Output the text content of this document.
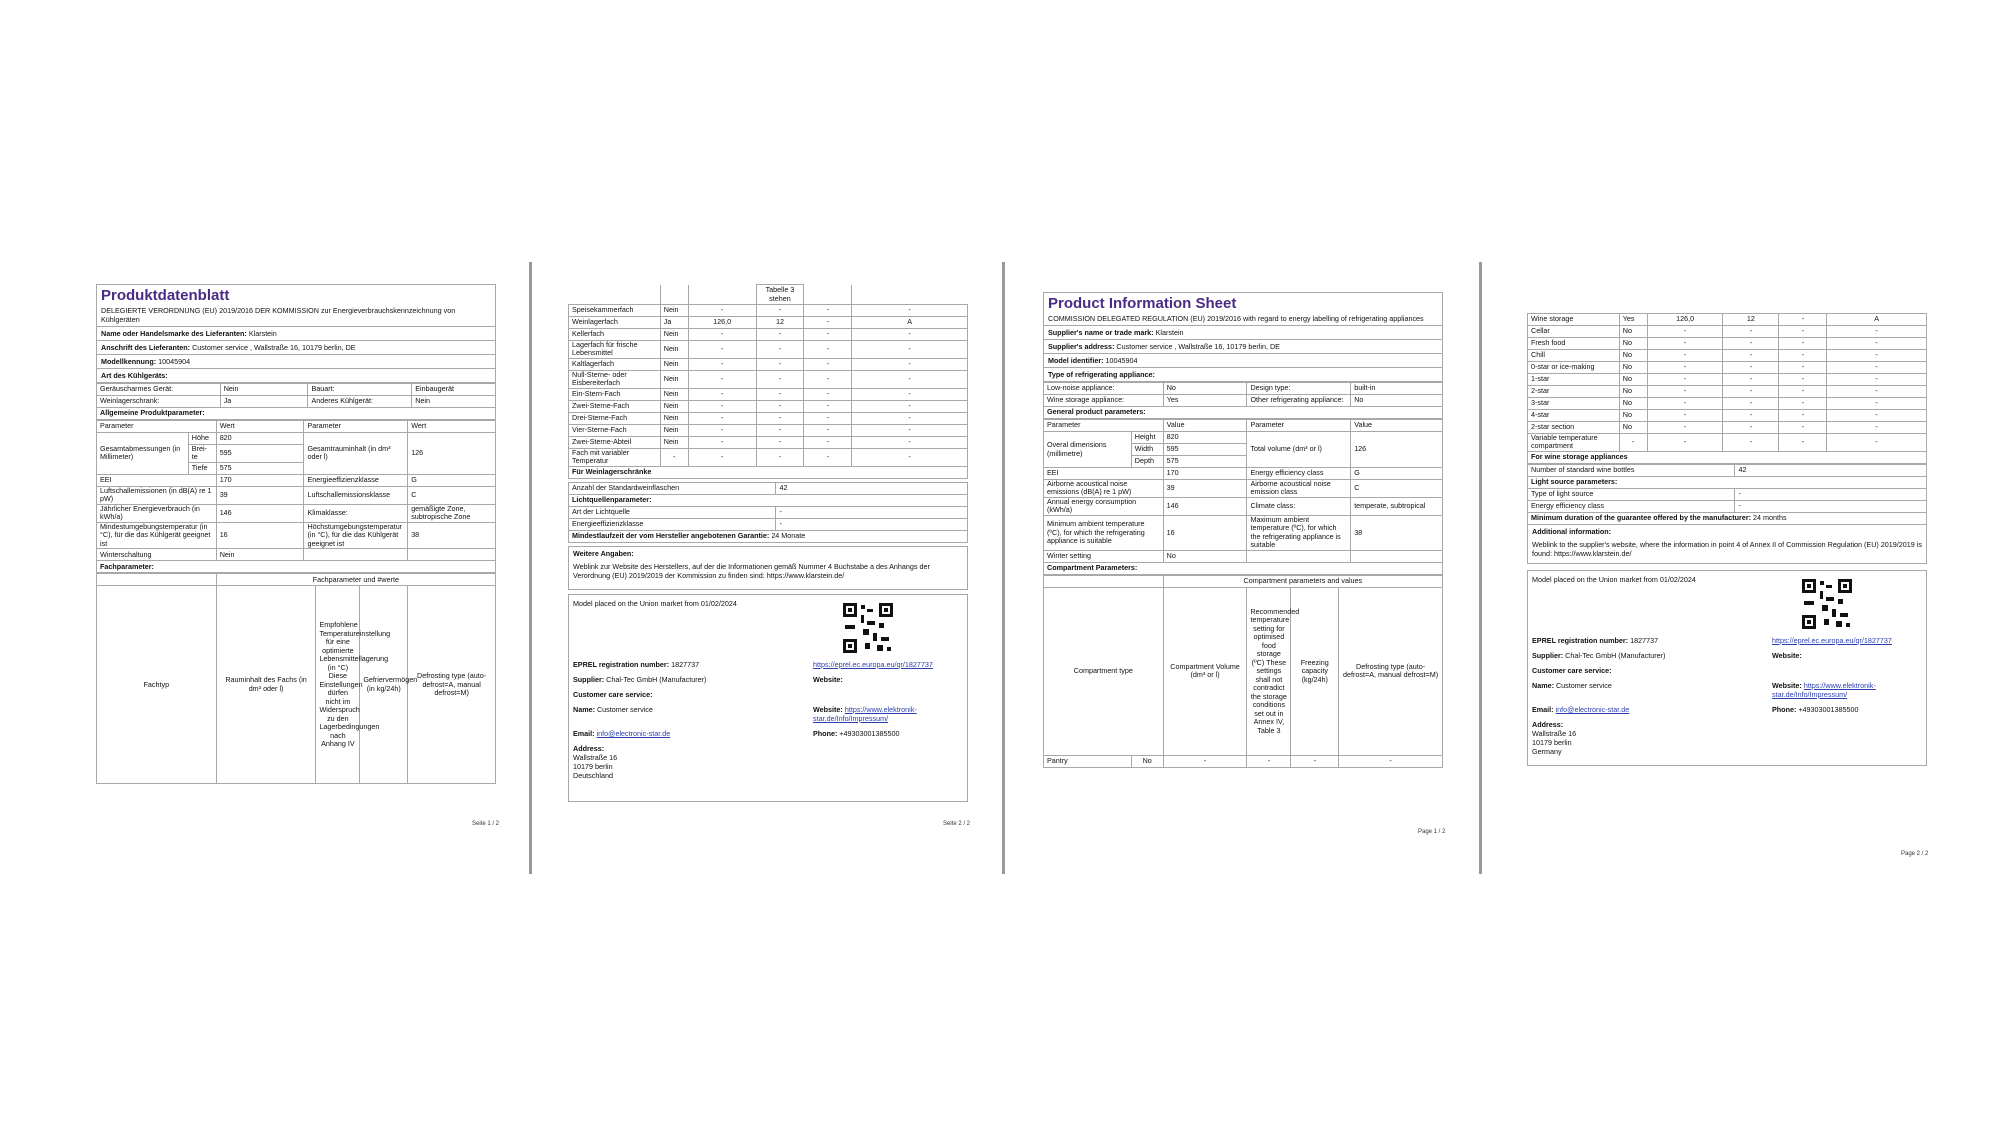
Produktdatenblatt
DELEGIERTE VERORDNUNG (EU) 2019/2016 DER KOMMISSION zur Energieverbrauchskennzeichnung von Kühlgeräten
Name oder Handelsmarke des Lieferanten: Klarstein
Anschrift des Lieferanten: Customer service , Wallstraße 16, 10179 berlin, DE
Modellkennung: 10045904
Art des Kühlgeräts:
Geräuscharmes Gerät:	Nein	Bauart:	Einbaugerät
Weinlagerschrank:	Ja	Anderes Kühlgerät:	Nein
Allgemeine Produktparameter:			
Parameter		Wert	Parameter	Wert
Gesamtabmessungen (in Millimeter)	Höhe	820	Gesamtrauminhalt (in dm³ oder l)	126
	Brei-te	595		
	Tiefe	575		
EEI		170	Energieeffizienzklasse	G
Luftschallemissionen (in dB(A) re 1 pW)		39	Luftschallemissionsklasse	C
Jährlicher Energieverbrauch (in kWh/a)		146	Klimaklasse:	gemäßigte Zone, subtropische Zone
Mindestumgebungstemperatur (in °C), für die das Kühlgerät geeignet ist		16	Höchstumgebungstemperatur (in °C), für die das Kühlgerät geeignet ist	38
Winterschaltung		Nein		
Fachparameter:				
	Fachparameter und #werte			
Fachtyp	Rauminhalt des Fachs (in dm³ oder l)	Empfohlene Temperatureinstellung für eine optimierte Lebensmittellagerung (in °C) Diese Einstellungen dürfen nicht im Widerspruch zu den Lagerbedingungen nach Anhang IV	Gefriervermögen (in kg/24h)	Defrosting type (auto-defrost=A, manual defrost=M)
Seite 1 / 2
			Tabelle 3 stehen		
Speisekammerfach	Nein	-	-	-	-
Weinlagerfach	Ja	126,0	12	-	A
Kellerfach	Nein	-	-	-	-
Lagerfach für frische Lebensmittel	Nein	-	-	-	-
Kaltlagerfach	Nein	-	-	-	-
Null-Sterne- oder Eisbereiterfach	Nein	-	-	-	-
Ein-Stern-Fach	Nein	-	-	-	-
Zwei-Sterne-Fach	Nein	-	-	-	-
Drei-Sterne-Fach	Nein	-	-	-	-
Vier-Sterne-Fach	Nein	-	-	-	-
Zwei-Sterne-Abteil	Nein	-	-	-	-
Fach mit variabler Temperatur	-	-	-	-	-
Für Weinlagerschränke					
Anzahl der Standardweinflaschen	42
Lichtquellenparameter:	
Art der Lichtquelle	-
Energieeffizienzklasse	-
Mindestlaufzeit der vom Hersteller angebotenen Garantie: 24 Monate	
Weitere Angaben:
Weblink zur Website des Herstellers, auf der die Informationen gemäß Nummer 4 Buchstabe a des Anhangs der Verordnung (EU) 2019/2019 der Kommission zu finden sind: https://www.klarstein.de/
Model placed on the Union market from 01/02/2024
EPREL registration number: 1827737	https://eprel.ec.europa.eu/qr/1827737
Supplier: Chal-Tec GmbH (Manufacturer)	Website:
Customer care service:
Name: Customer service	Website: https://www.elektronik-star.de/Info/Impressum/
Email: info@electronic-star.de	Phone: +49303001385500
Address:
Wallstraße 16
10179 berlin
Deutschland
Seite 2 / 2
Product Information Sheet
COMMISSION DELEGATED REGULATION (EU) 2019/2016 with regard to energy labelling of refrigerating appliances
Supplier's name or trade mark: Klarstein
Supplier's address: Customer service , Wallstraße 16, 10179 berlin, DE
Model identifier: 10045904
Type of refrigerating appliance:
Low-noise appliance:	No	Design type:	built-in
Wine storage appliance:	Yes	Other refrigerating appliance:	No
General product parameters:			
Parameter		Value	Parameter	Value
Overal dimensions (millimetre)	Height	820	Total volume (dm³ or l)	126
	Width	595		
	Depth	575		
EEI		170	Energy efficiency class	G
Airborne acoustical noise emissions (dB(A) re 1 pW)		39	Airborne acoustical noise emission class	C
Annual energy consumption (kWh/a)		146	Climate class:	temperate, subtropical
Minimum ambient temperature (ºC), for which the refrigerating appliance is suitable		16	Maximum ambient temperature (ºC), for which the refrigerating appliance is suitable	38
Winter setting		No		
Compartment Parameters:				
		Compartment parameters and values			
Compartment type		Compartment Volume (dm³ or l)	Recommended temperature setting for optimised food storage (ºC) These settings shall not contradict the storage conditions set out in Annex IV, Table 3	Freezing capacity (kg/24h)	Defrosting type (auto-defrost=A, manual defrost=M)
Pantry	No	-	-	-	-
Page 1 / 2
Wine storage	Yes	126,0	12	-	A
Cellar	No	-	-	-	-
Fresh food	No	-	-	-	-
Chill	No	-	-	-	-
0-star or ice-making	No	-	-	-	-
1-star	No	-	-	-	-
2-star	No	-	-	-	-
3-star	No	-	-	-	-
4-star	No	-	-	-	-
2-star section	No	-	-	-	-
Variable temperature compartment	-	-	-	-	-
For wine storage appliances					
Number of standard wine bottles	42
Light source parameters:	
Type of light source	-
Energy efficiency class	-
Minimum duration of the guarantee offered by the manufacturer: 24 months	
Additional information:
Weblink to the supplier's website, where the information in point 4 of Annex II of Commission Regulation (EU) 2019/2019 is found: https://www.klarstein.de/
Model placed on the Union market from 01/02/2024
EPREL registration number: 1827737	https://eprel.ec.europa.eu/qr/1827737
Supplier: Chal-Tec GmbH (Manufacturer)	Website:
Customer care service:
Name: Customer service	Website: https://www.elektronik-star.de/Info/Impressum/
Email: info@electronic-star.de	Phone: +49303001385500
Address:
Wallstraße 16
10179 berlin
Germany
Page 2 / 2
